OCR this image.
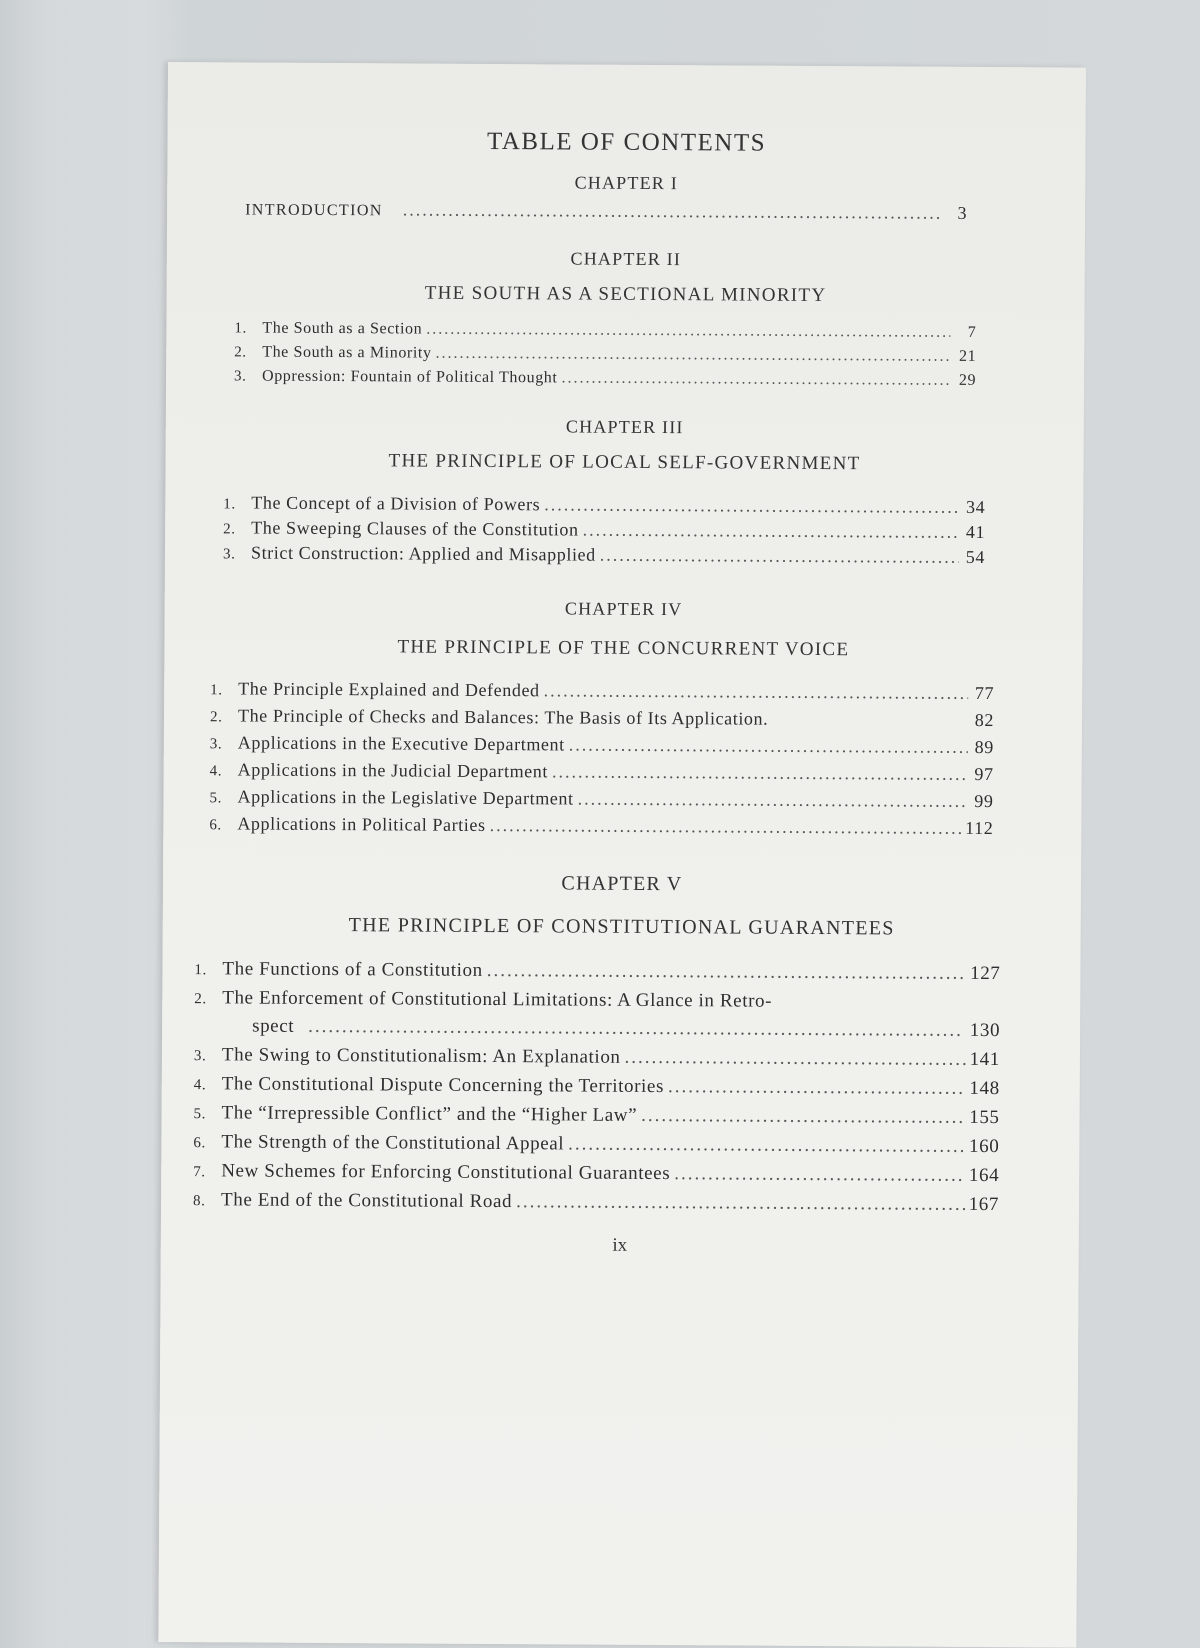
TABLE OF CONTENTS
CHAPTER I
INTRODUCTION .....	3
CHAPTER II
THE SOUTH AS A SECTIONAL MINORITY
1. The South as a Section .....	7
2. The South as a Minority .....	21
3. Oppression: Fountain of Political Thought .....	29
CHAPTER III
THE PRINCIPLE OF LOCAL SELF-GOVERNMENT
1. The Concept of a Division of Powers .....	34
2. The Sweeping Clauses of the Constitution .....	41
3. Strict Construction: Applied and Misapplied .....	54
CHAPTER IV
THE PRINCIPLE OF THE CONCURRENT VOICE
1. The Principle Explained and Defended .....	77
2. The Principle of Checks and Balances: The Basis of Its Application.	82
3. Applications in the Executive Department .....	89
4. Applications in the Judicial Department .....	97
5. Applications in the Legislative Department .....	99
6. Applications in Political Parties .....	112
CHAPTER V
THE PRINCIPLE OF CONSTITUTIONAL GUARANTEES
1. The Functions of a Constitution .....	127
2. The Enforcement of Constitutional Limitations: A Glance in Retro-
spect .....	130
3. The Swing to Constitutionalism: An Explanation .....	141
4. The Constitutional Dispute Concerning the Territories .....	148
5. The “Irrepressible Conflict” and the “Higher Law” .....	155
6. The Strength of the Constitutional Appeal .....	160
7. New Schemes for Enforcing Constitutional Guarantees .....	164
8. The End of the Constitutional Road .....	167
ix
